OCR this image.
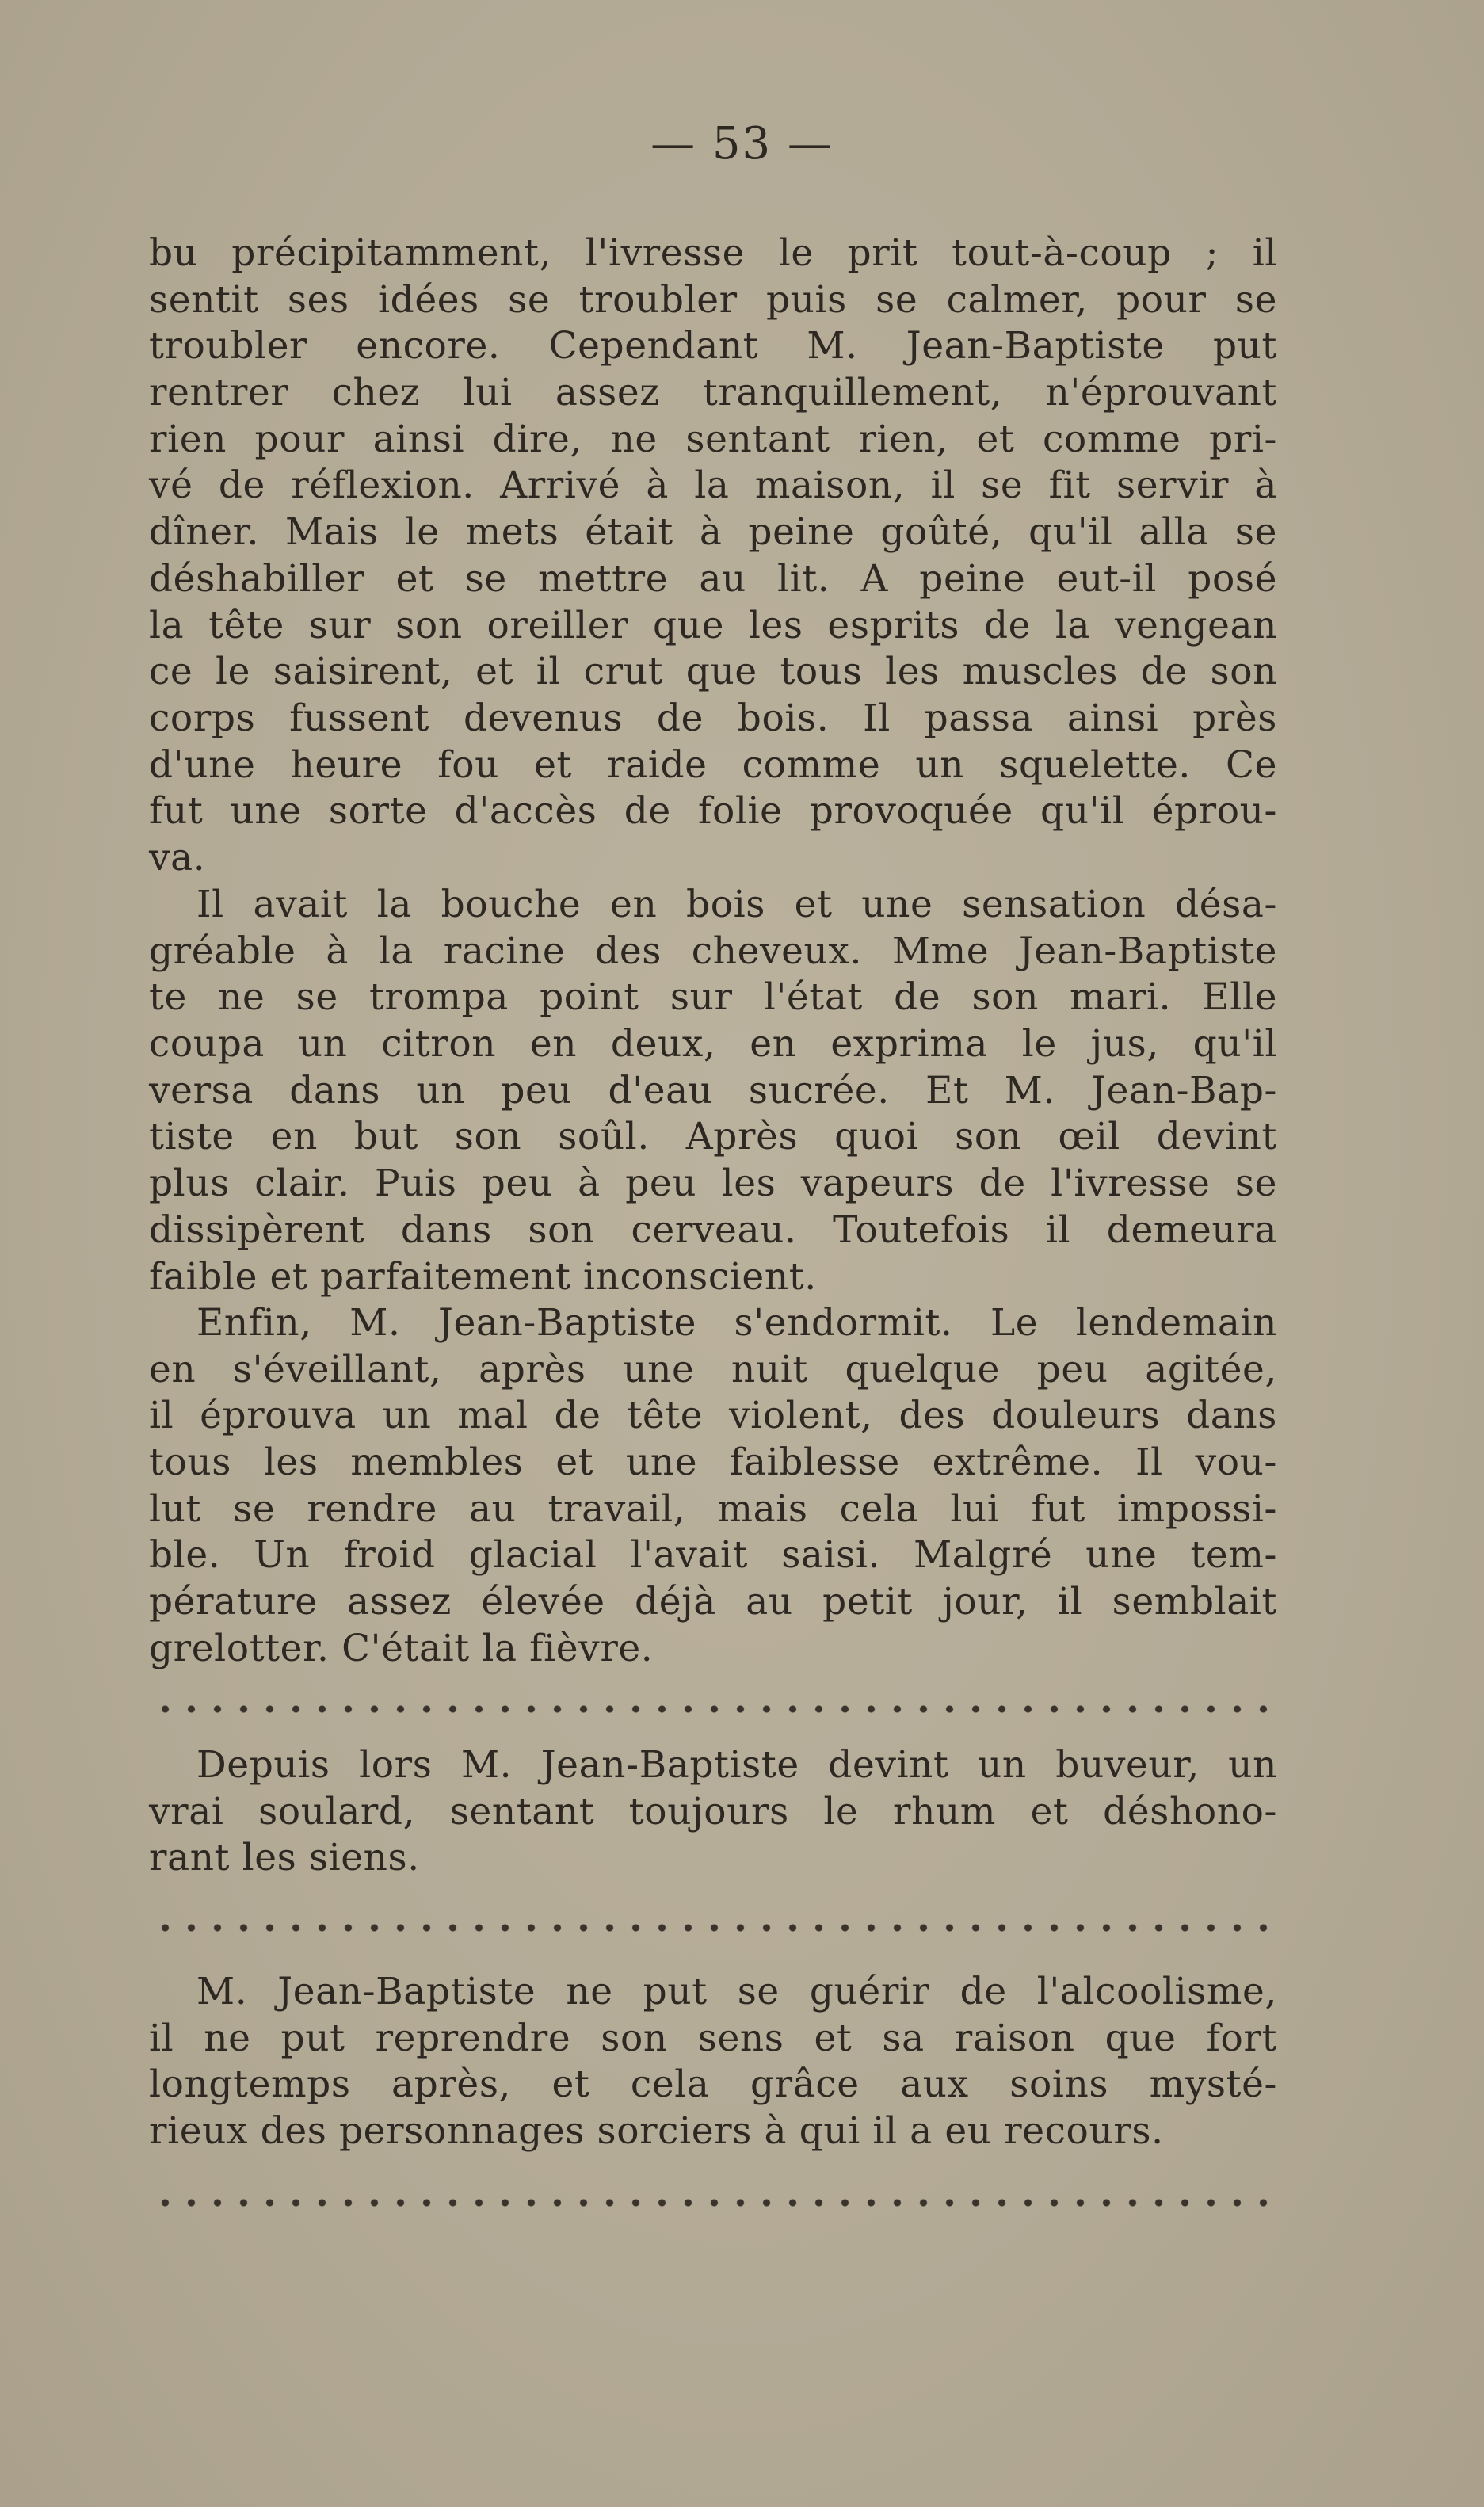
— 53 —
bu précipitamment, l'ivresse le prit tout-à-coup ; il
sentit ses idées se troubler puis se calmer, pour se
troubler encore. Cependant M. Jean-Baptiste put
rentrer chez lui assez tranquillement, n'éprouvant
rien pour ainsi dire, ne sentant rien, et comme pri-
vé de réflexion. Arrivé à la maison, il se fit servir à
dîner. Mais le mets était à peine goûté, qu'il alla se
déshabiller et se mettre au lit. A peine eut-il posé
la tête sur son oreiller que les esprits de la vengean
ce le saisirent, et il crut que tous les muscles de son
corps fussent devenus de bois. Il passa ainsi près
d'une heure fou et raide comme un squelette. Ce
fut une sorte d'accès de folie provoquée qu'il éprou-
va.
Il avait la bouche en bois et une sensation désa-
gréable à la racine des cheveux. Mme Jean-Baptiste
te ne se trompa point sur l'état de son mari. Elle
coupa un citron en deux, en exprima le jus, qu'il
versa dans un peu d'eau sucrée. Et M. Jean-Bap-
tiste en but son soûl. Après quoi son œil devint
plus clair. Puis peu à peu les vapeurs de l'ivresse se
dissipèrent dans son cerveau. Toutefois il demeura
faible et parfaitement inconscient.
Enfin, M. Jean-Baptiste s'endormit. Le lendemain
en s'éveillant, après une nuit quelque peu agitée,
il éprouva un mal de tête violent, des douleurs dans
tous les membles et une faiblesse extrême. Il vou-
lut se rendre au travail, mais cela lui fut impossi-
ble. Un froid glacial l'avait saisi. Malgré une tem-
pérature assez élevée déjà au petit jour, il semblait
grelotter. C'était la fièvre.
Depuis lors M. Jean-Baptiste devint un buveur, un
vrai soulard, sentant toujours le rhum et déshono-
rant les siens.
M. Jean-Baptiste ne put se guérir de l'alcoolisme,
il ne put reprendre son sens et sa raison que fort
longtemps après, et cela grâce aux soins mysté-
rieux des personnages sorciers à qui il a eu recours.
